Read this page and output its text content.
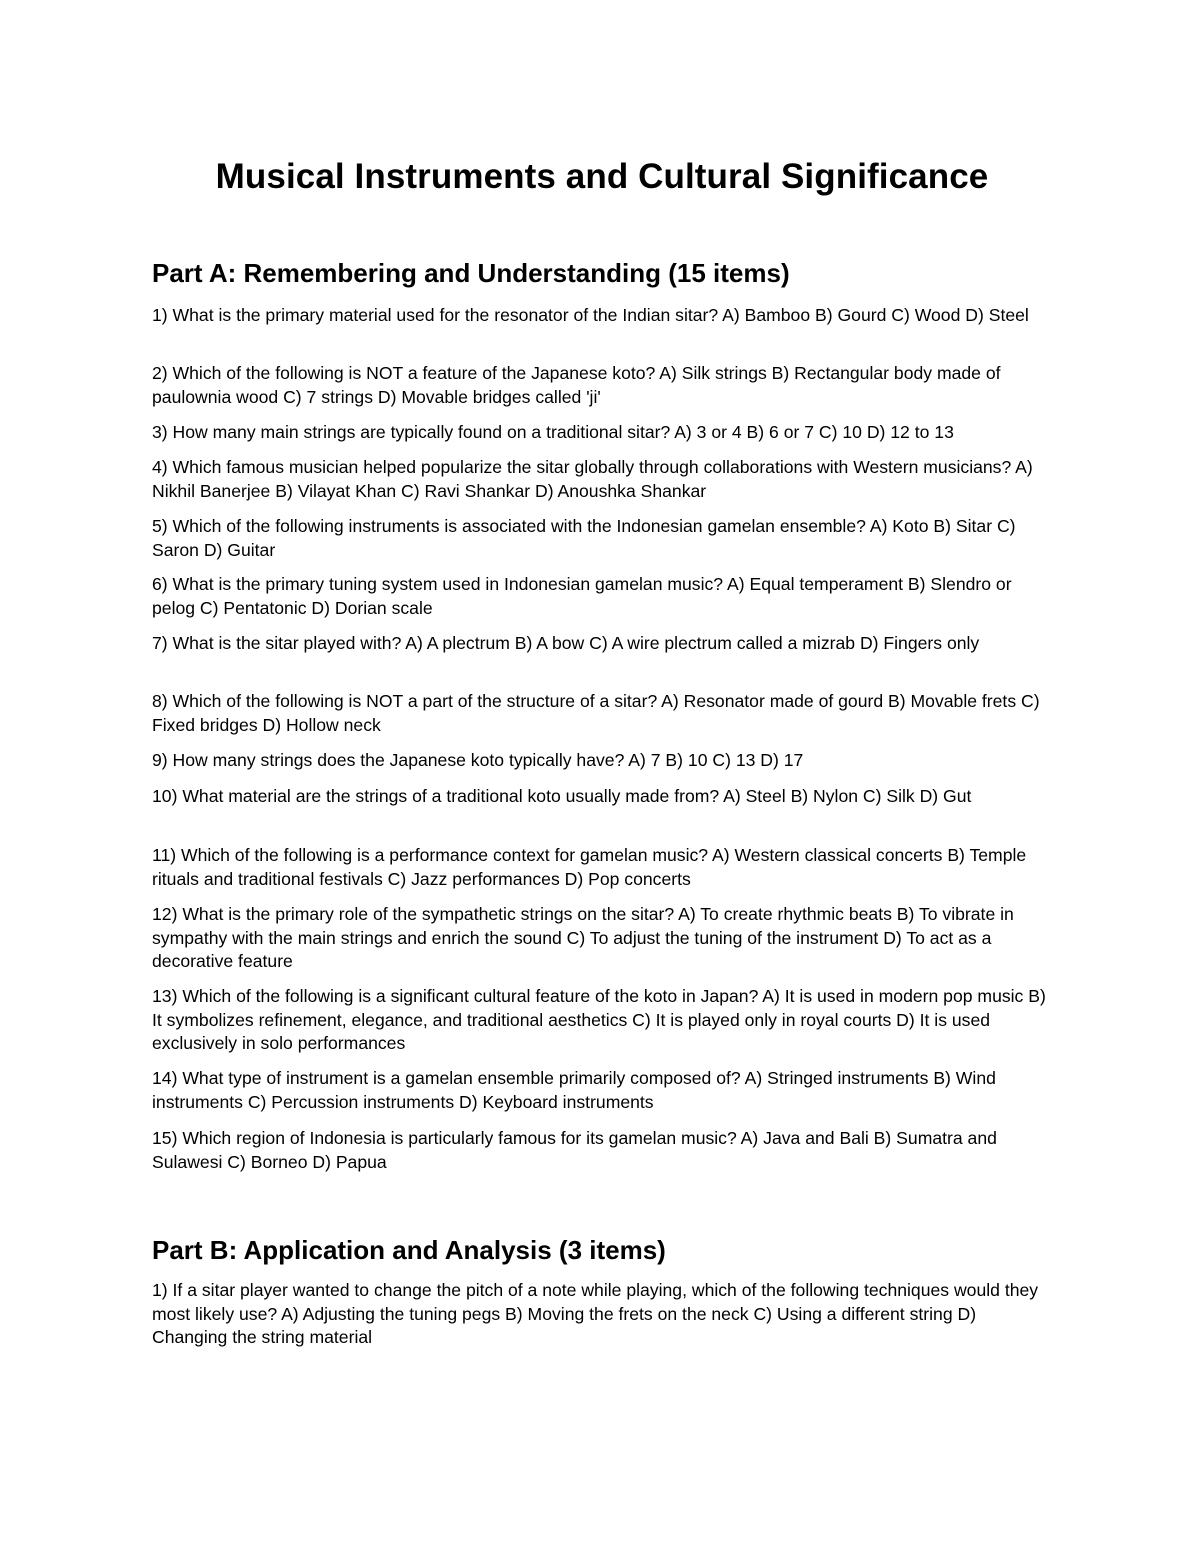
Musical Instruments and Cultural Significance
Part A: Remembering and Understanding (15 items)

1) What is the primary material used for the resonator of the Indian sitar? A) Bamboo B) Gourd C) Wood D) Steel

2) Which of the following is NOT a feature of the Japanese koto? A) Silk strings B) Rectangular body made of paulownia wood C) 7 strings D) Movable bridges called 'ji'

3) How many main strings are typically found on a traditional sitar? A) 3 or 4 B) 6 or 7 C) 10 D) 12 to 13

4) Which famous musician helped popularize the sitar globally through collaborations with Western musicians? A) Nikhil Banerjee B) Vilayat Khan C) Ravi Shankar D) Anoushka Shankar

5) Which of the following instruments is associated with the Indonesian gamelan ensemble? A) Koto B) Sitar C) Saron D) Guitar

6) What is the primary tuning system used in Indonesian gamelan music? A) Equal temperament B) Slendro or pelog C) Pentatonic D) Dorian scale

7) What is the sitar played with? A) A plectrum B) A bow C) A wire plectrum called a mizrab D) Fingers only

8) Which of the following is NOT a part of the structure of a sitar? A) Resonator made of gourd B) Movable frets C) Fixed bridges D) Hollow neck

9) How many strings does the Japanese koto typically have? A) 7 B) 10 C) 13 D) 17

10) What material are the strings of a traditional koto usually made from? A) Steel B) Nylon C) Silk D) Gut

11) Which of the following is a performance context for gamelan music? A) Western classical concerts B) Temple rituals and traditional festivals C) Jazz performances D) Pop concerts

12) What is the primary role of the sympathetic strings on the sitar? A) To create rhythmic beats B) To vibrate in sympathy with the main strings and enrich the sound C) To adjust the tuning of the instrument D) To act as a decorative feature

13) Which of the following is a significant cultural feature of the koto in Japan? A) It is used in modern pop music B) It symbolizes refinement, elegance, and traditional aesthetics C) It is played only in royal courts D) It is used exclusively in solo performances

14) What type of instrument is a gamelan ensemble primarily composed of? A) Stringed instruments B) Wind instruments C) Percussion instruments D) Keyboard instruments

15) Which region of Indonesia is particularly famous for its gamelan music? A) Java and Bali B) Sumatra and Sulawesi C) Borneo D) Papua

Part B: Application and Analysis (3 items)

1) If a sitar player wanted to change the pitch of a note while playing, which of the following techniques would they most likely use? A) Adjusting the tuning pegs B) Moving the frets on the neck C) Using a different string D) Changing the string material
